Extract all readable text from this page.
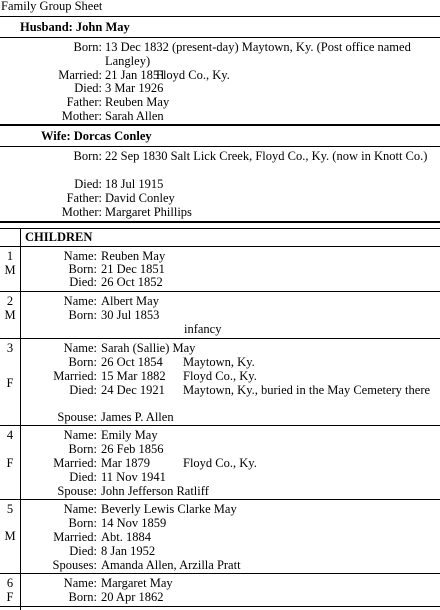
Family Group Sheet
Husband: John May
Born: 13 Dec 1832 (present-day) Maytown, Ky. (Post office named Langley)
Married: 21 Jan 1851
Floyd Co., Ky.
Died: 3 Mar 1926
Father: Reuben May
Mother: Sarah Allen
Wife: Dorcas Conley
Born: 22 Sep 1830 Salt Lick Creek, Floyd Co., Ky. (now in Knott Co.)
Died: 18 Jul 1915
Father: David Conley
Mother: Margaret Phillips
CHILDREN
1
M
Name: Reuben May
Born: 21 Dec 1851
Died: 26 Oct 1852
2
M
Name: Albert May
Born: 30 Jul 1853
infancy
3
F
Name: Sarah (Sallie) May
Born: 26 Oct 1854 Maytown, Ky.
Married: 15 Mar 1882 Floyd Co., Ky.
Died: 24 Dec 1921 Maytown, Ky., buried in the May Cemetery there
Spouse: James P. Allen
4
F
Name: Emily May
Born: 26 Feb 1856
Married: Mar 1879	Floyd Co., Ky.
Died: 11 Nov 1941
Spouse: John Jefferson Ratliff
5
M
Name: Beverly Lewis Clarke May
Born: 14 Nov 1859
Married: Abt. 1884
Died: 8 Jan 1952
Spouses: Amanda Allen, Arzilla Pratt
6
F
Name: Margaret May
Born: 20 Apr 1862
